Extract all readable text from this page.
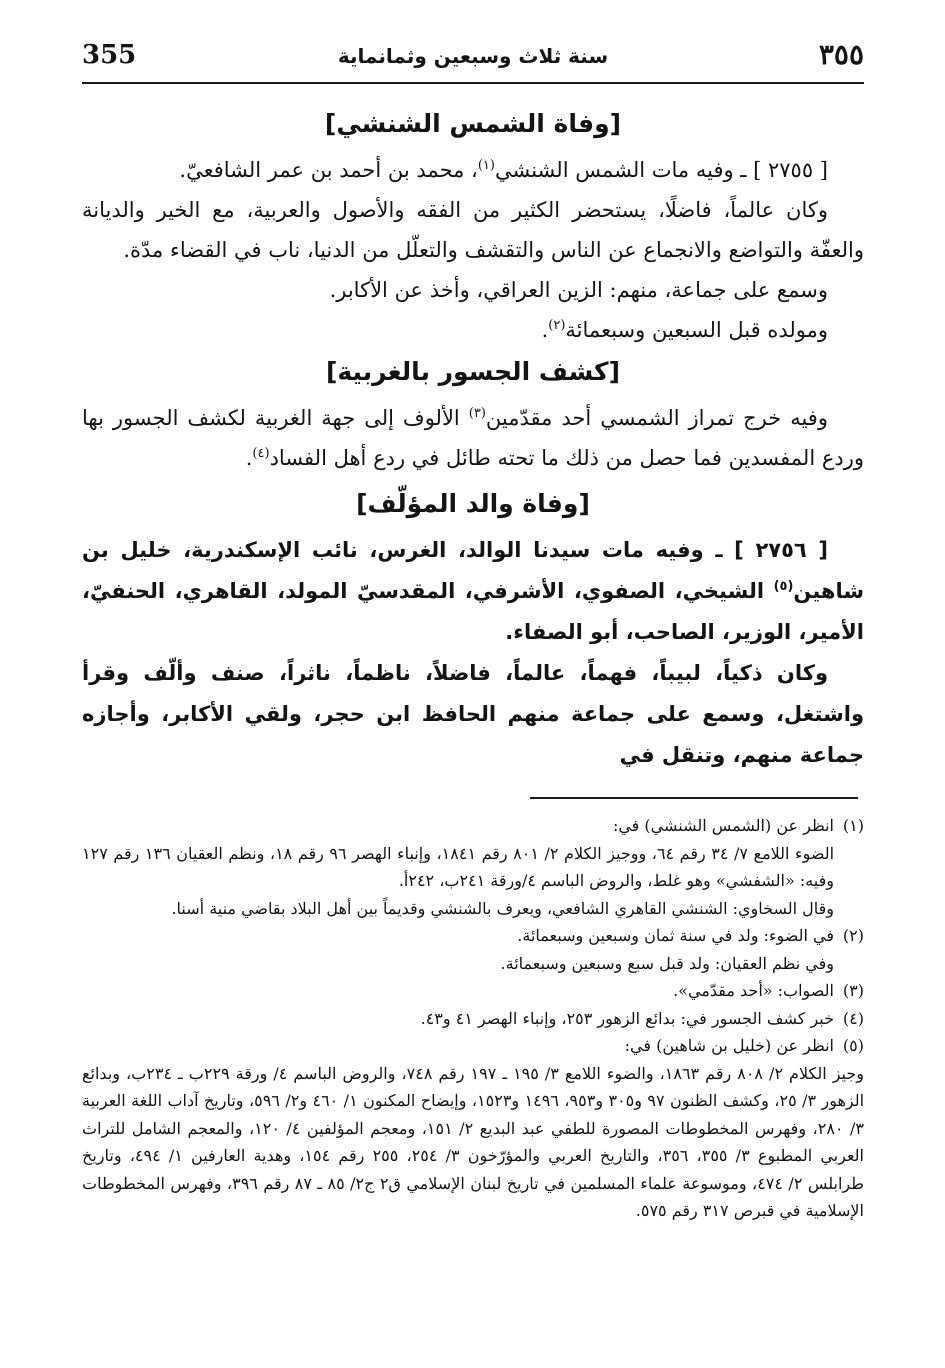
355	سنة ثلاث وسبعين وثمانماية	٣٥٥
[وفاة الشمس الشنشي]

[ ٢٧٥٥ ] ـ وفيه مات الشمس الشنشي$^{(١)}$، محمد بن أحمد بن عمر الشافعيّ.

وكان عالماً، فاضلًا، يستحضر الكثير من الفقه والأصول والعربية، مع الخير والديانة والعفّة والتواضع والانجماع عن الناس والتقشف والتعلّل من الدنيا، ناب في القضاء مدّة.

وسمع على جماعة، منهم: الزين العراقي، وأخذ عن الأكابر.

ومولده قبل السبعين وسبعمائة$^{(٢)}$.

[كشف الجسور بالغربية]

وفيه خرج تمراز الشمسي أحد مقدّمين$^{(٣)}$ الألوف إلى جهة الغربية لكشف الجسور بها وردع المفسدين فما حصل من ذلك ما تحته طائل في ردع أهل الفساد$^{(٤)}$.

[وفاة والد المؤلّف]

[ ٢٧٥٦ ] ـ وفيه مات سيدنا الوالد، الغرس، نائب الإسكندرية، خليل بن شاهين$^{(٥)}$ الشيخي، الصفوي، الأشرفي، المقدسيّ المولد، القاهري، الحنفيّ، الأمير، الوزير، الصاحب، أبو الصفاء.

وكان ذكياً، لبيباً، فهماً، عالماً، فاضلاً، ناظماً، ناثراً، صنف وألّف وقرأ واشتغل، وسمع على جماعة منهم الحافظ ابن حجر، ولقي الأكابر، وأجازه جماعة منهم، وتنقل في

(١)
انظر عن (الشمس الشنشي) في:
الضوء اللامع ٧/ ٣٤ رقم ٦٤، ووجيز الكلام ٢/ ٨٠١ رقم ١٨٤١، وإنباء الهصر ٩٦ رقم ١٨، ونظم العقيان ١٣٦ رقم ١٢٧ وفيه: «الشفشي» وهو غلط، والروض الباسم ٤/ورقة ٢٤١ب، ٢٤٢أ.
وقال السخاوي: الشنشي القاهري الشافعي، ويعرف بالشنشي وقديماً بين أهل البلاد بقاضي منية أسنا.
(٢)
في الضوء: ولد في سنة ثمان وسبعين وسبعمائة.
وفي نظم العقيان: ولد قبل سبع وسبعين وسبعمائة.
(٣)
الصواب: «أحد مقدّمي».
(٤)
خبر كشف الجسور في: بدائع الزهور ٢٥٣، وإنباء الهصر ٤١ و٤٣.
(٥)
انظر عن (خليل بن شاهين) في:
وجيز الكلام ٢/ ٨٠٨ رقم ١٨٦٣، والضوء اللامع ٣/ ١٩٥ ـ ١٩٧ رقم ٧٤٨، والروض الباسم ٤/ ورقة ٢٢٩ب ـ ٢٣٤ب، وبدائع الزهور ٣/ ٢٥، وكشف الظنون ٩٧ و٣٠٥ و٩٥٣، ١٤٩٦ و١٥٢٣، وإيضاح المكنون ١/ ٤٦٠ و٢/ ٥٩٦، وتاريخ آداب اللغة العربية ٣/ ٢٨٠، وفهرس المخطوطات المصورة للطفي عبد البديع ٢/ ١٥١، ومعجم المؤلفين ٤/ ١٢٠، والمعجم الشامل للتراث العربي المطبوع ٣/ ٣٥٥، ٣٥٦، والتاريخ العربي والمؤرّخون ٣/ ٢٥٤، ٢٥٥ رقم ١٥٤، وهدية العارفين ١/ ٤٩٤، وتاريخ طرابلس ٢/ ٤٧٤، وموسوعة علماء المسلمين في تاريخ لبنان الإسلامي ق٢ ج٢/ ٨٥ ـ ٨٧ رقم ٣٩٦، وفهرس المخطوطات الإسلامية في قبرص ٣١٧ رقم ٥٧٥.
